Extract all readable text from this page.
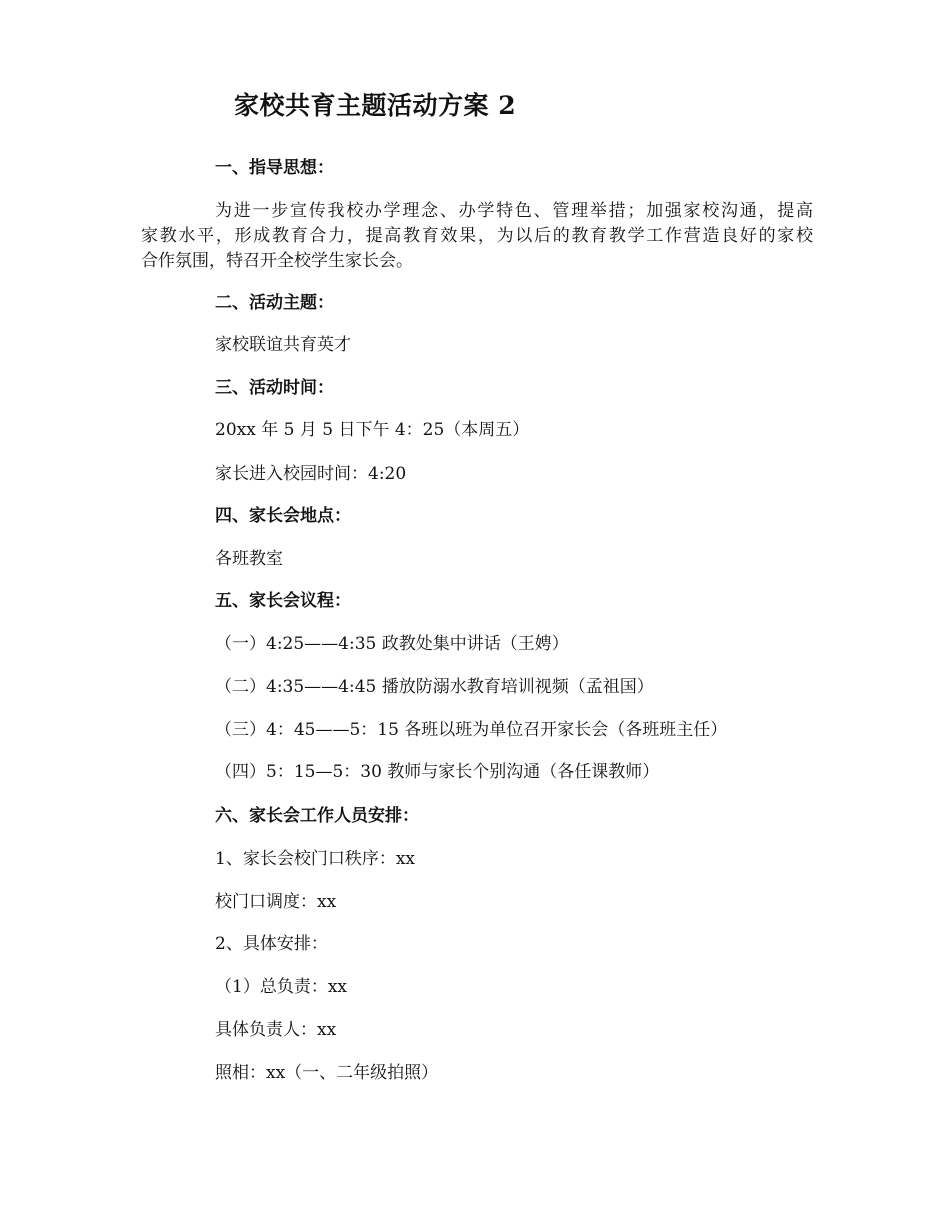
家校共育主题活动方案 2
一、指导思想：
为进一步宣传我校办学理念、办学特色、管理举措；加强家校沟通，提高
家教水平，形成教育合力，提高教育效果，为以后的教育教学工作营造良好的家校
合作氛围，特召开全校学生家长会。
二、活动主题：
家校联谊共育英才
三、活动时间：
20xx 年 5 月 5 日下午 4：25（本周五）
家长进入校园时间：4:20
四、家长会地点：
各班教室
五、家长会议程：
（一）4:25——4:35 政教处集中讲话（王娉）
（二）4:35——4:45 播放防溺水教育培训视频（孟祖国）
（三）4：45——5：15 各班以班为单位召开家长会（各班班主任）
（四）5：15—5：30 教师与家长个别沟通（各任课教师）
六、家长会工作人员安排：
1、家长会校门口秩序：xx
校门口调度：xx
2、具体安排：
（1）总负责：xx
具体负责人：xx
照相：xx（一、二年级拍照）
